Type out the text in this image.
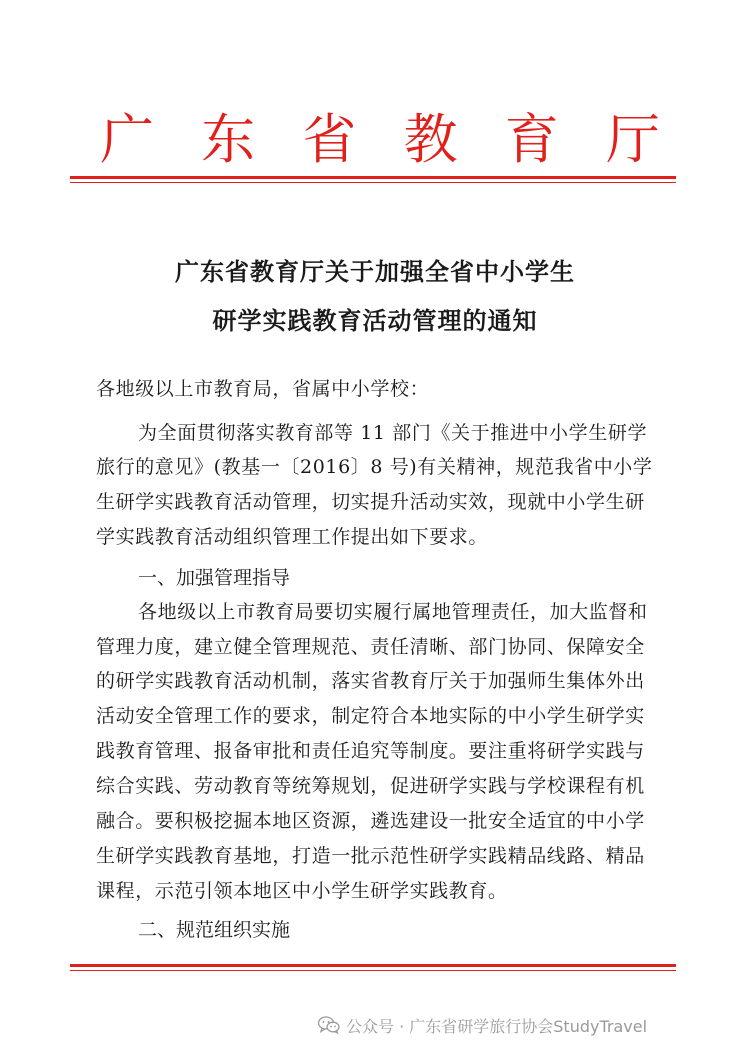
广 东 省 教 育 厅
广东省教育厅关于加强全省中小学生
研学实践教育活动管理的通知
各地级以上市教育局，省属中小学校：
为全面贯彻落实教育部等 11 部门《关于推进中小学生研学
旅行的意见》(教基一〔2016〕8 号)有关精神，规范我省中小学
生研学实践教育活动管理，切实提升活动实效，现就中小学生研
学实践教育活动组织管理工作提出如下要求。
一、加强管理指导
各地级以上市教育局要切实履行属地管理责任，加大监督和
管理力度，建立健全管理规范、责任清晰、部门协同、保障安全
的研学实践教育活动机制，落实省教育厅关于加强师生集体外出
活动安全管理工作的要求，制定符合本地实际的中小学生研学实
践教育管理、报备审批和责任追究等制度。要注重将研学实践与
综合实践、劳动教育等统筹规划，促进研学实践与学校课程有机
融合。要积极挖掘本地区资源，遴选建设一批安全适宜的中小学
生研学实践教育基地，打造一批示范性研学实践精品线路、精品
课程，示范引领本地区中小学生研学实践教育。
二、规范组织实施
公众号 · 广东省研学旅行协会StudyTravel
